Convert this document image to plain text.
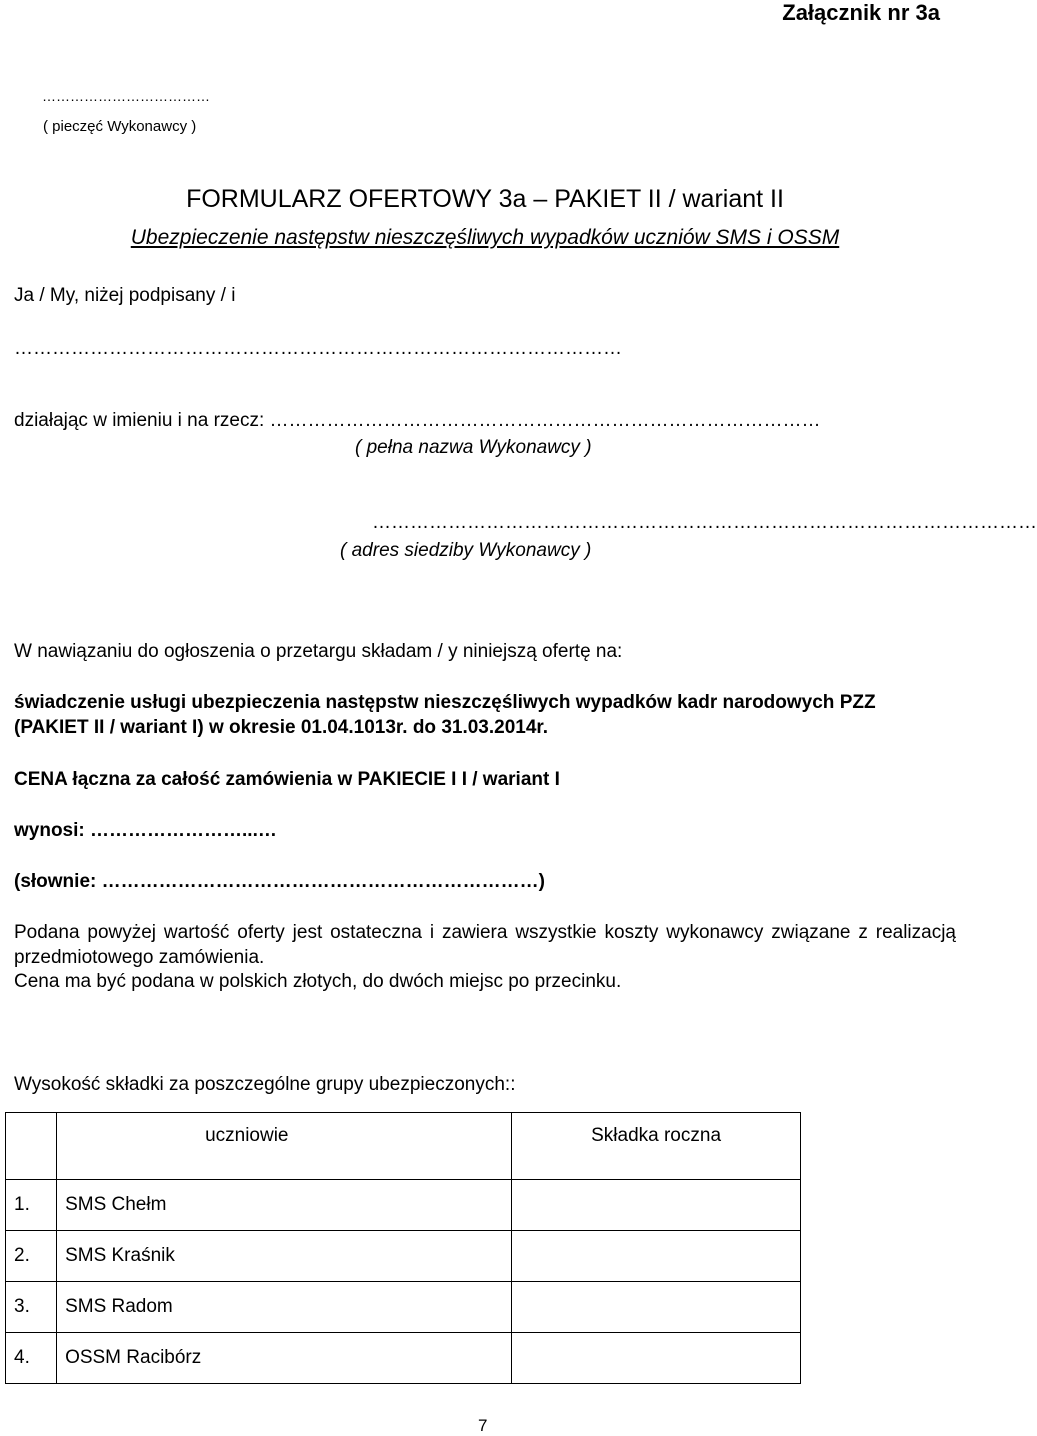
Załącznik nr 3a
………………………………
( pieczęć Wykonawcy )
FORMULARZ OFERTOWY 3a – PAKIET II / wariant II
Ubezpieczenie następstw nieszczęśliwych wypadków uczniów SMS i OSSM
Ja / My, niżej podpisany / i
……………………………………………………………………………………
działając w imieniu i na rzecz: ……………………………………………………………………………
( pełna nazwa Wykonawcy )
……………………………………………………………………………………………
( adres siedziby Wykonawcy )
W nawiązaniu do ogłoszenia o przetargu składam / y niniejszą ofertę na:
świadczenie usługi ubezpieczenia następstw nieszczęśliwych wypadków kadr narodowych PZZ (PAKIET II / wariant I) w okresie 01.04.1013r. do 31.03.2014r.
CENA łączna za całość zamówienia w PAKIECIE I I / wariant I
wynosi: ……………………...…
(słownie: ……………………………………………………………)
Podana powyżej wartość oferty jest ostateczna i zawiera wszystkie koszty wykonawcy związane z realizacją
przedmiotowego zamówienia.
Cena ma być podana w polskich złotych, do dwóch miejsc po przecinku.
Wysokość składki za poszczególne grupy ubezpieczonych::
	uczniowie	Składka roczna
1.	SMS Chełm	
2.	SMS Kraśnik	
3.	SMS Radom	
4.	OSSM Racibórz	
7
